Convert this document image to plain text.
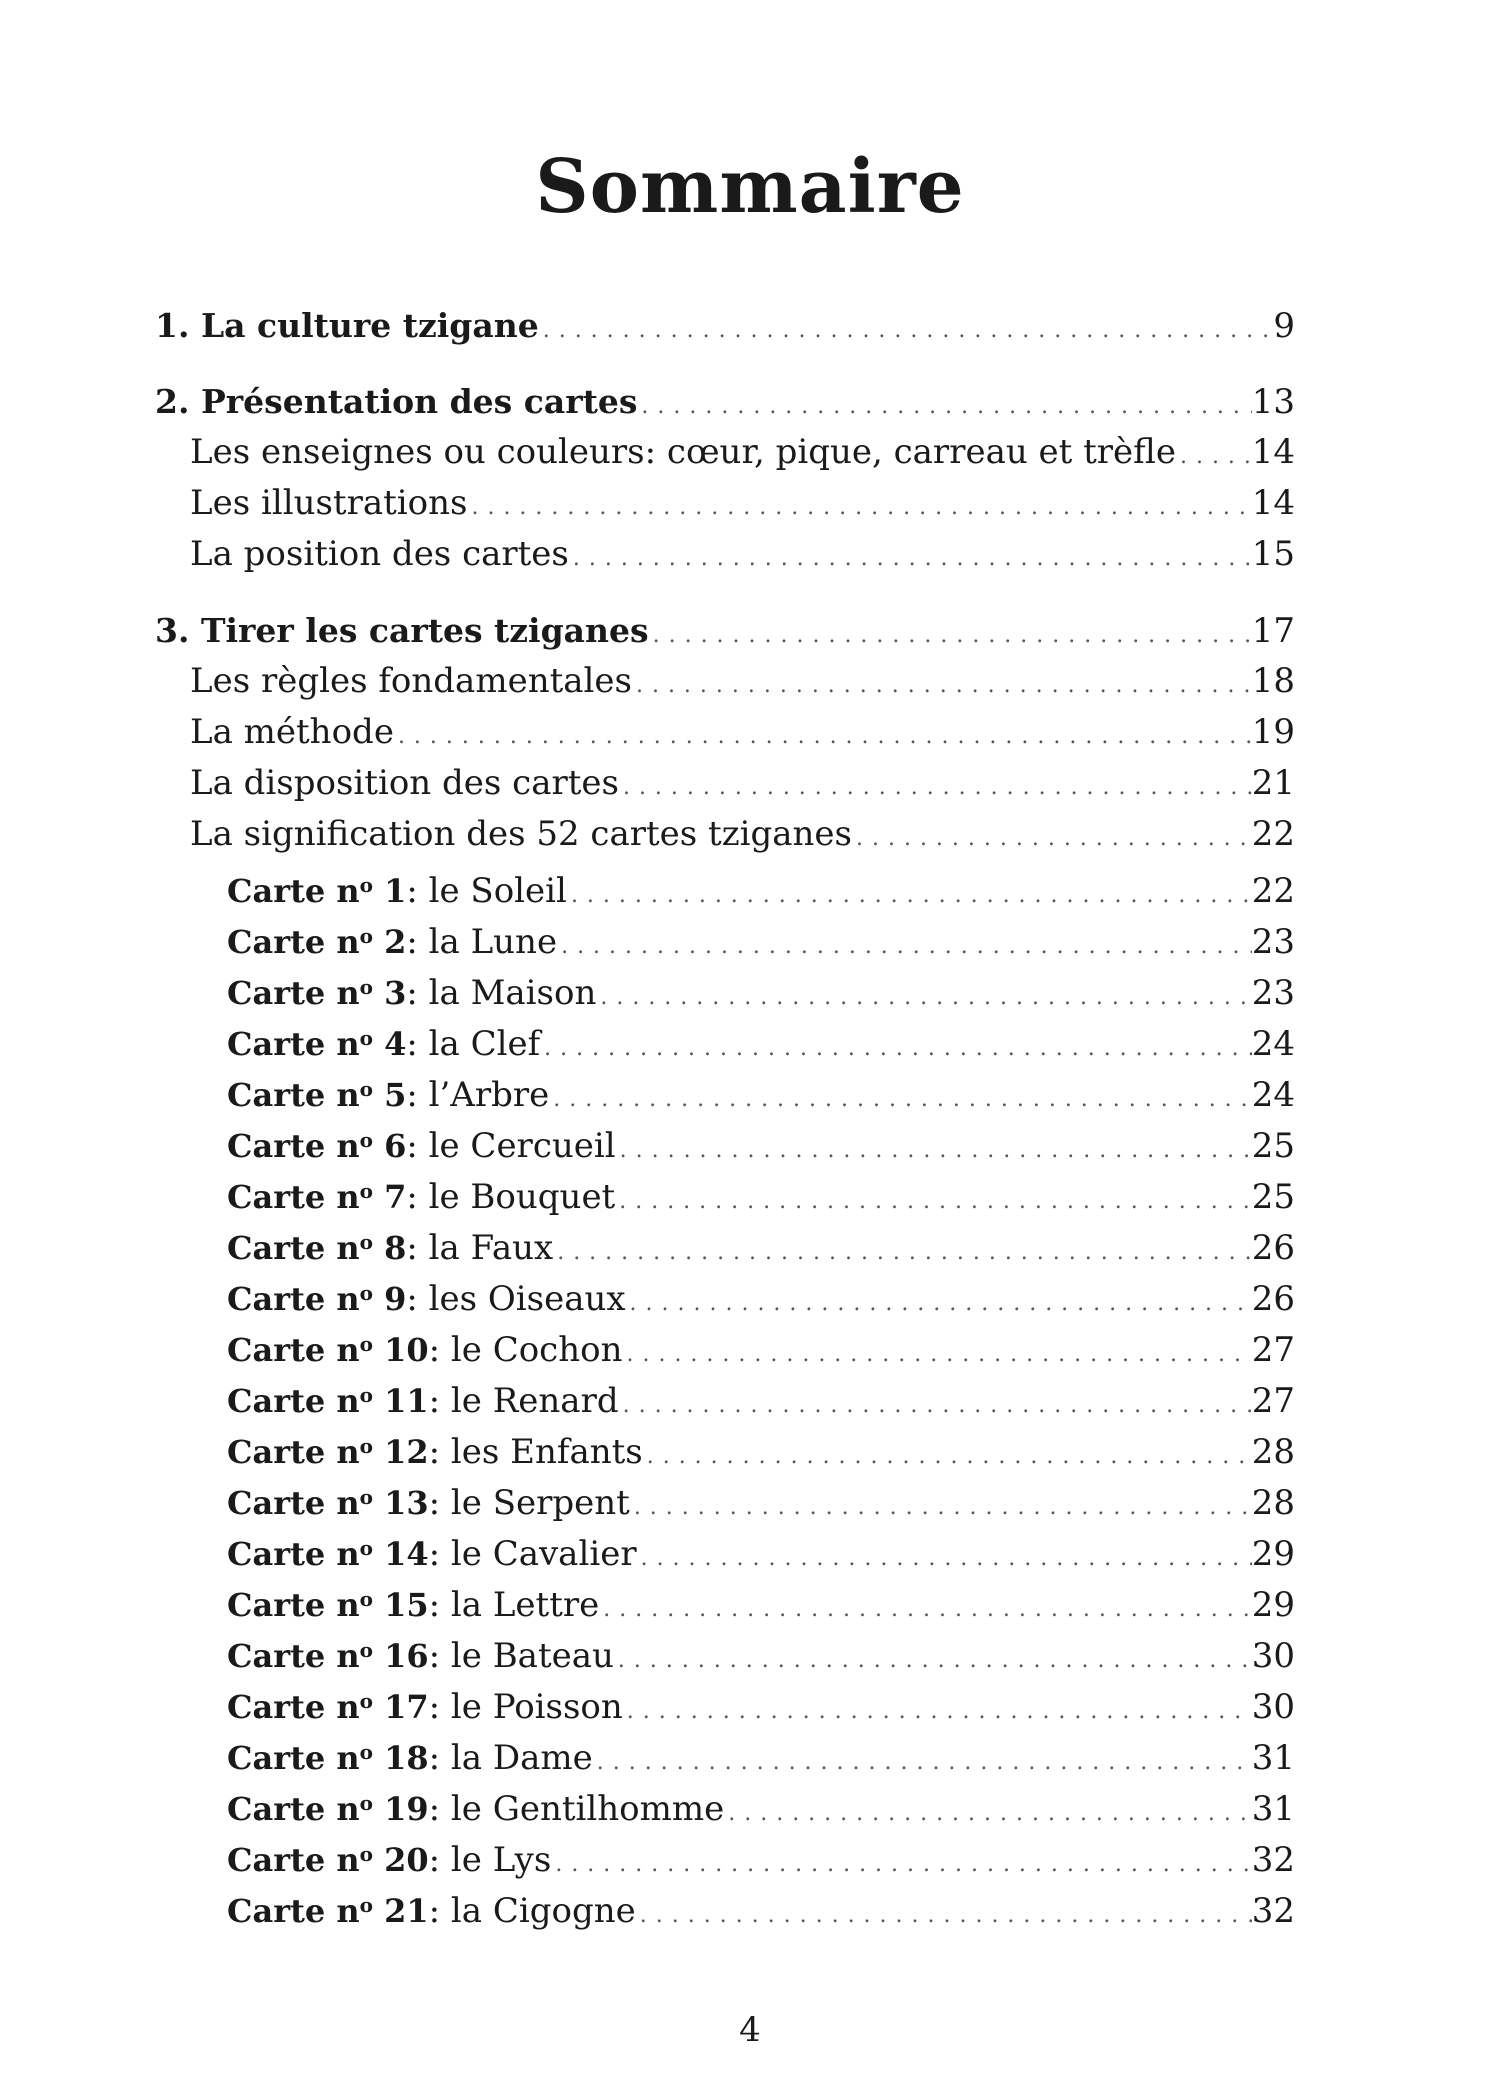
Sommaire
1. La culture tzigane . . .	9
2. Présentation des cartes . . .	13
Les enseignes ou couleurs: cœur, pique, carreau et trèfle . . . 14
Les illustrations . . .	14
La position des cartes . . .	15
3. Tirer les cartes tziganes . . .	17
Les règles fondamentales . . .	18
La méthode . . .	19
La disposition des cartes . . .	21
La signification des 52 cartes tziganes . . .	22
Carte $n^o$ 1: le Soleil . . .	22
Carte $n^o$ 2: la Lune . . .	23
Carte $n^o$ 3: la Maison . . .	23
Carte $n^o$ 4: la Clef . . .	24
Carte $n^o$ 5: l’Arbre . . .	24
Carte $n^o$ 6: le Cercueil . . .	25
Carte $n^o$ 7: le Bouquet . . .	25
Carte $n^o$ 8: la Faux . . .	26
Carte $n^o$ 9: les Oiseaux . . .	26
Carte $n^o$ 10: le Cochon . . .	27
Carte $n^o$ 11: le Renard . . .	27
Carte $n^o$ 12: les Enfants . . .	28
Carte $n^o$ 13: le Serpent . . .	28
Carte $n^o$ 14: le Cavalier . . .	29
Carte $n^o$ 15: la Lettre . . .	29
Carte $n^o$ 16: le Bateau . . .	30
Carte $n^o$ 17: le Poisson . . .	30
Carte $n^o$ 18: la Dame . . .	31
Carte $n^o$ 19: le Gentilhomme . . .	31
Carte $n^o$ 20: le Lys . . .	32
Carte $n^o$ 21: la Cigogne . . .	32
4
